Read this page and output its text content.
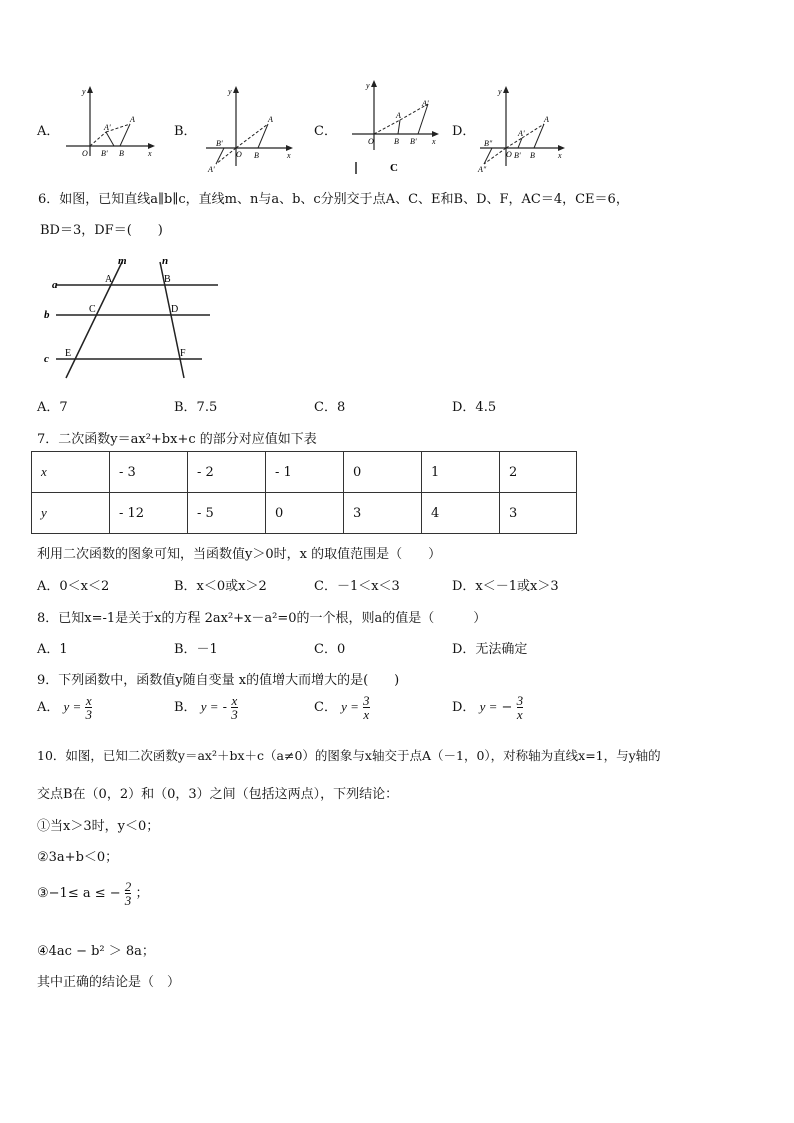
A．	B．	C．	D．
y
x
O
A
A'
B
B'
y
x
O
A
A'
B
B'
y
x
O
A
A'
B B'
C
y
x
O
A
A'
A"
B
B'
B"
6．如图，已知直线a∥b∥c，直线m、n与a、b、c分别交于点A、C、E和B、D、F，AC＝4，CE＝6，
BD＝3，DF＝(　　)
m	n
a
b
c
A	B
C	D
E	F
A．7	B．7.5	C．8	D．4.5
7．二次函数y＝ax²+bx+c 的部分对应值如下表
x	- 3	- 2	- 1	0	1	2
y	- 12	- 5	0	3	4	3
利用二次函数的图象可知，当函数值y＞0时，x 的取值范围是（　　）
A．0＜x＜2	B．x＜0或x＞2	C．－1＜x＜3	D．x＜－1或x＞3
8．已知x=-1是关于x的方程 2ax²+x－a²=0的一个根，则a的值是（　　　）
A．1	B．－1	C．0	D．无法确定
9．下列函数中，函数值y随自变量 x的值增大而增大的是(　　)
A． $y = \frac{x}{3}$	B． y = - $\frac{x}{3}$	C． $y = \frac{3}{x}$	D． y = − $\frac{3}{x}$
10．如图，已知二次函数y＝ax²＋bx＋c（a≠0）的图象与x轴交于点A（－1，0），对称轴为直线x=1，与y轴的
交点B在（0，2）和（0，3）之间（包括这两点），下列结论：
①当x＞3时，y＜0；
②3a+b＜0；
③−1≤ a ≤ − $\frac{2}{3}$ ；
④4ac − b² ＞ 8a；
其中正确的结论是（　）
